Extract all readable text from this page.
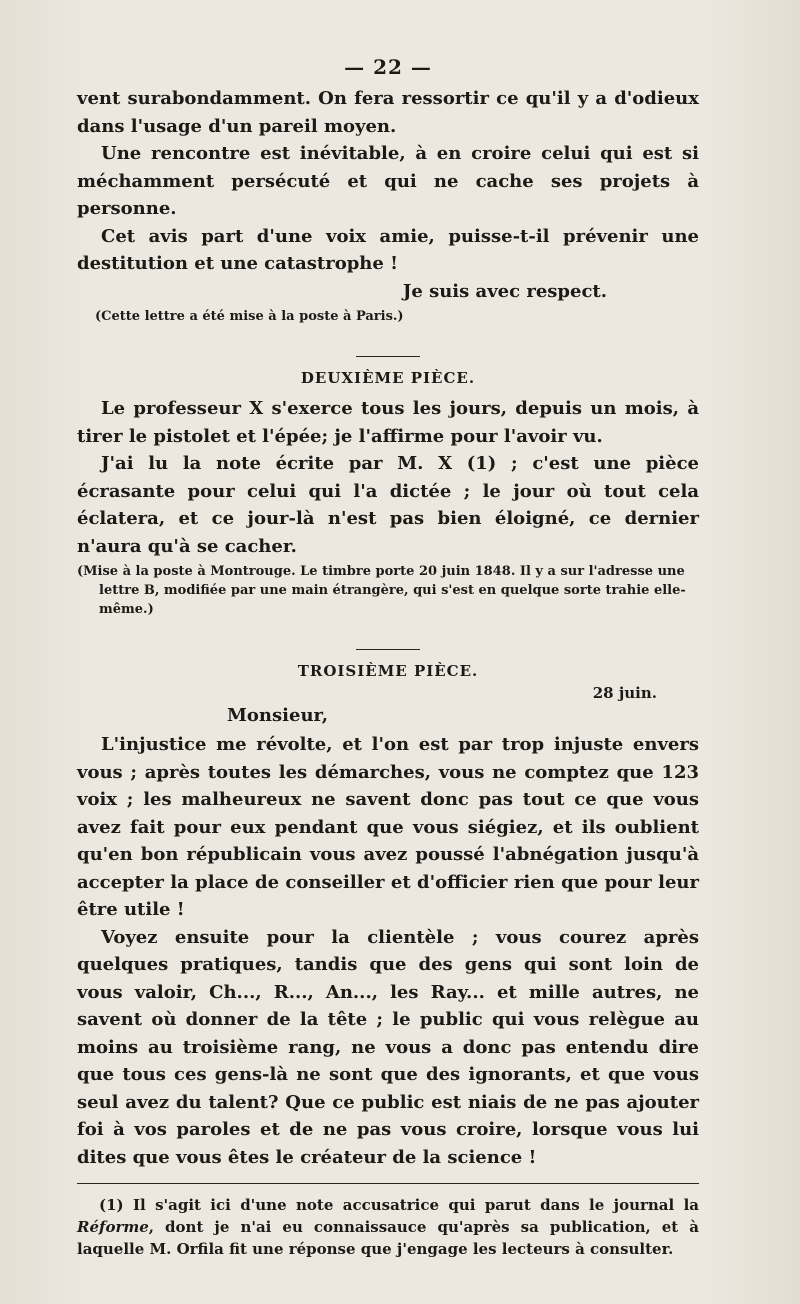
— 22 —

vent surabondamment. On fera ressortir ce qu'il y a d'odieux dans l'usage d'un pareil moyen.

Une rencontre est inévitable, à en croire celui qui est si méchamment persécuté et qui ne cache ses projets à personne.

Cet avis part d'une voix amie, puisse-t-il prévenir une destitution et une catastrophe !

Je suis avec respect.

(Cette lettre a été mise à la poste à Paris.)

DEUXIÈME PIÈCE.

Le professeur X s'exerce tous les jours, depuis un mois, à tirer le pistolet et l'épée; je l'affirme pour l'avoir vu.

J'ai lu la note écrite par M. X (1) ; c'est une pièce écrasante pour celui qui l'a dictée ; le jour où tout cela éclatera, et ce jour-là n'est pas bien éloigné, ce dernier n'aura qu'à se cacher.

(Mise à la poste à Montrouge. Le timbre porte 20 juin 1848. Il y a sur l'adresse une lettre B, modifiée par une main étrangère, qui s'est en quelque sorte trahie elle-même.)

TROISIÈME PIÈCE.
28 juin.
Monsieur,

L'injustice me révolte, et l'on est par trop injuste envers vous ; après toutes les démarches, vous ne comptez que 123 voix ; les malheureux ne savent donc pas tout ce que vous avez fait pour eux pendant que vous siégiez, et ils oublient qu'en bon républicain vous avez poussé l'abnégation jusqu'à accepter la place de conseiller et d'officier rien que pour leur être utile !

Voyez ensuite pour la clientèle ; vous courez après quelques pratiques, tandis que des gens qui sont loin de vous valoir, Ch..., R..., An..., les Ray... et mille autres, ne savent où donner de la tête ; le public qui vous relègue au moins au troisième rang, ne vous a donc pas entendu dire que tous ces gens-là ne sont que des ignorants, et que vous seul avez du talent? Que ce public est niais de ne pas ajouter foi à vos paroles et de ne pas vous croire, lorsque vous lui dites que vous êtes le créateur de la science !

(1) Il s'agit ici d'une note accusatrice qui parut dans le journal la Réforme, dont je n'ai eu connaissauce qu'après sa publication, et à laquelle M. Orfila fit une réponse que j'engage les lecteurs à consulter.
